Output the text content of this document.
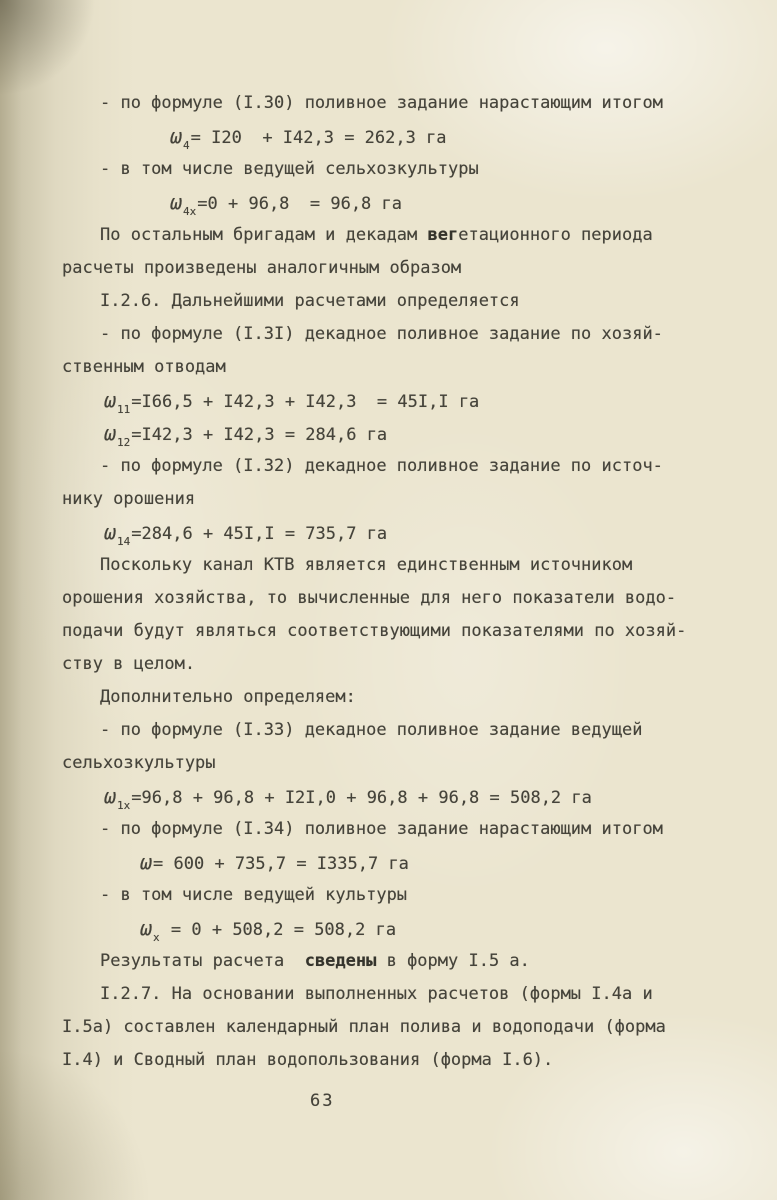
- по формуле (I.30) поливное задание нарастающим итогом
$\omega_4= I20 + I42,3 = 262,3$ га
- в том числе ведущей сельхозкультуры
$\omega_{4х}=0 + 96,8 = 96,8$ га
По остальным бригадам и декадам вегетационного периода
расчеты произведены аналогичным образом
I.2.6. Дальнейшими расчетами определяется
- по формуле (I.3I) декадное поливное задание по хозяй-
ственным отводам
$\omega_{11}=I66,5 + I42,3 + I42,3 = 45I,I$ га
$\omega_{12}=I42,3 + I42,3 = 284,6$ га
- по формуле (I.32) декадное поливное задание по источ-
нику орошения
$\omega_{14}=284,6 + 45I,I = 735,7$ га
Поскольку канал КТВ является единственным источником
орошения хозяйства, то вычисленные для него показатели водо-
подачи будут являться соответствующими показателями по хозяй-
ству в целом.
Дополнительно определяем:
- по формуле (I.33) декадное поливное задание ведущей
сельхозкультуры
$\omega_{1х}=96,8 + 96,8 + I2I,0 + 96,8 + 96,8 = 508,2$ га
- по формуле (I.34) поливное задание нарастающим итогом
ω= 600 + 735,7 = I335,7 га
- в том числе ведущей культуры
$\omega_х = 0 + 508,2 = 508,2$ га
Результаты расчета  сведены в форму I.5 а.
I.2.7. На основании выполненных расчетов (формы I.4а и
I.5а) составлен календарный план полива и водоподачи (форма
I.4) и Сводный план водопользования (форма I.6).
63
